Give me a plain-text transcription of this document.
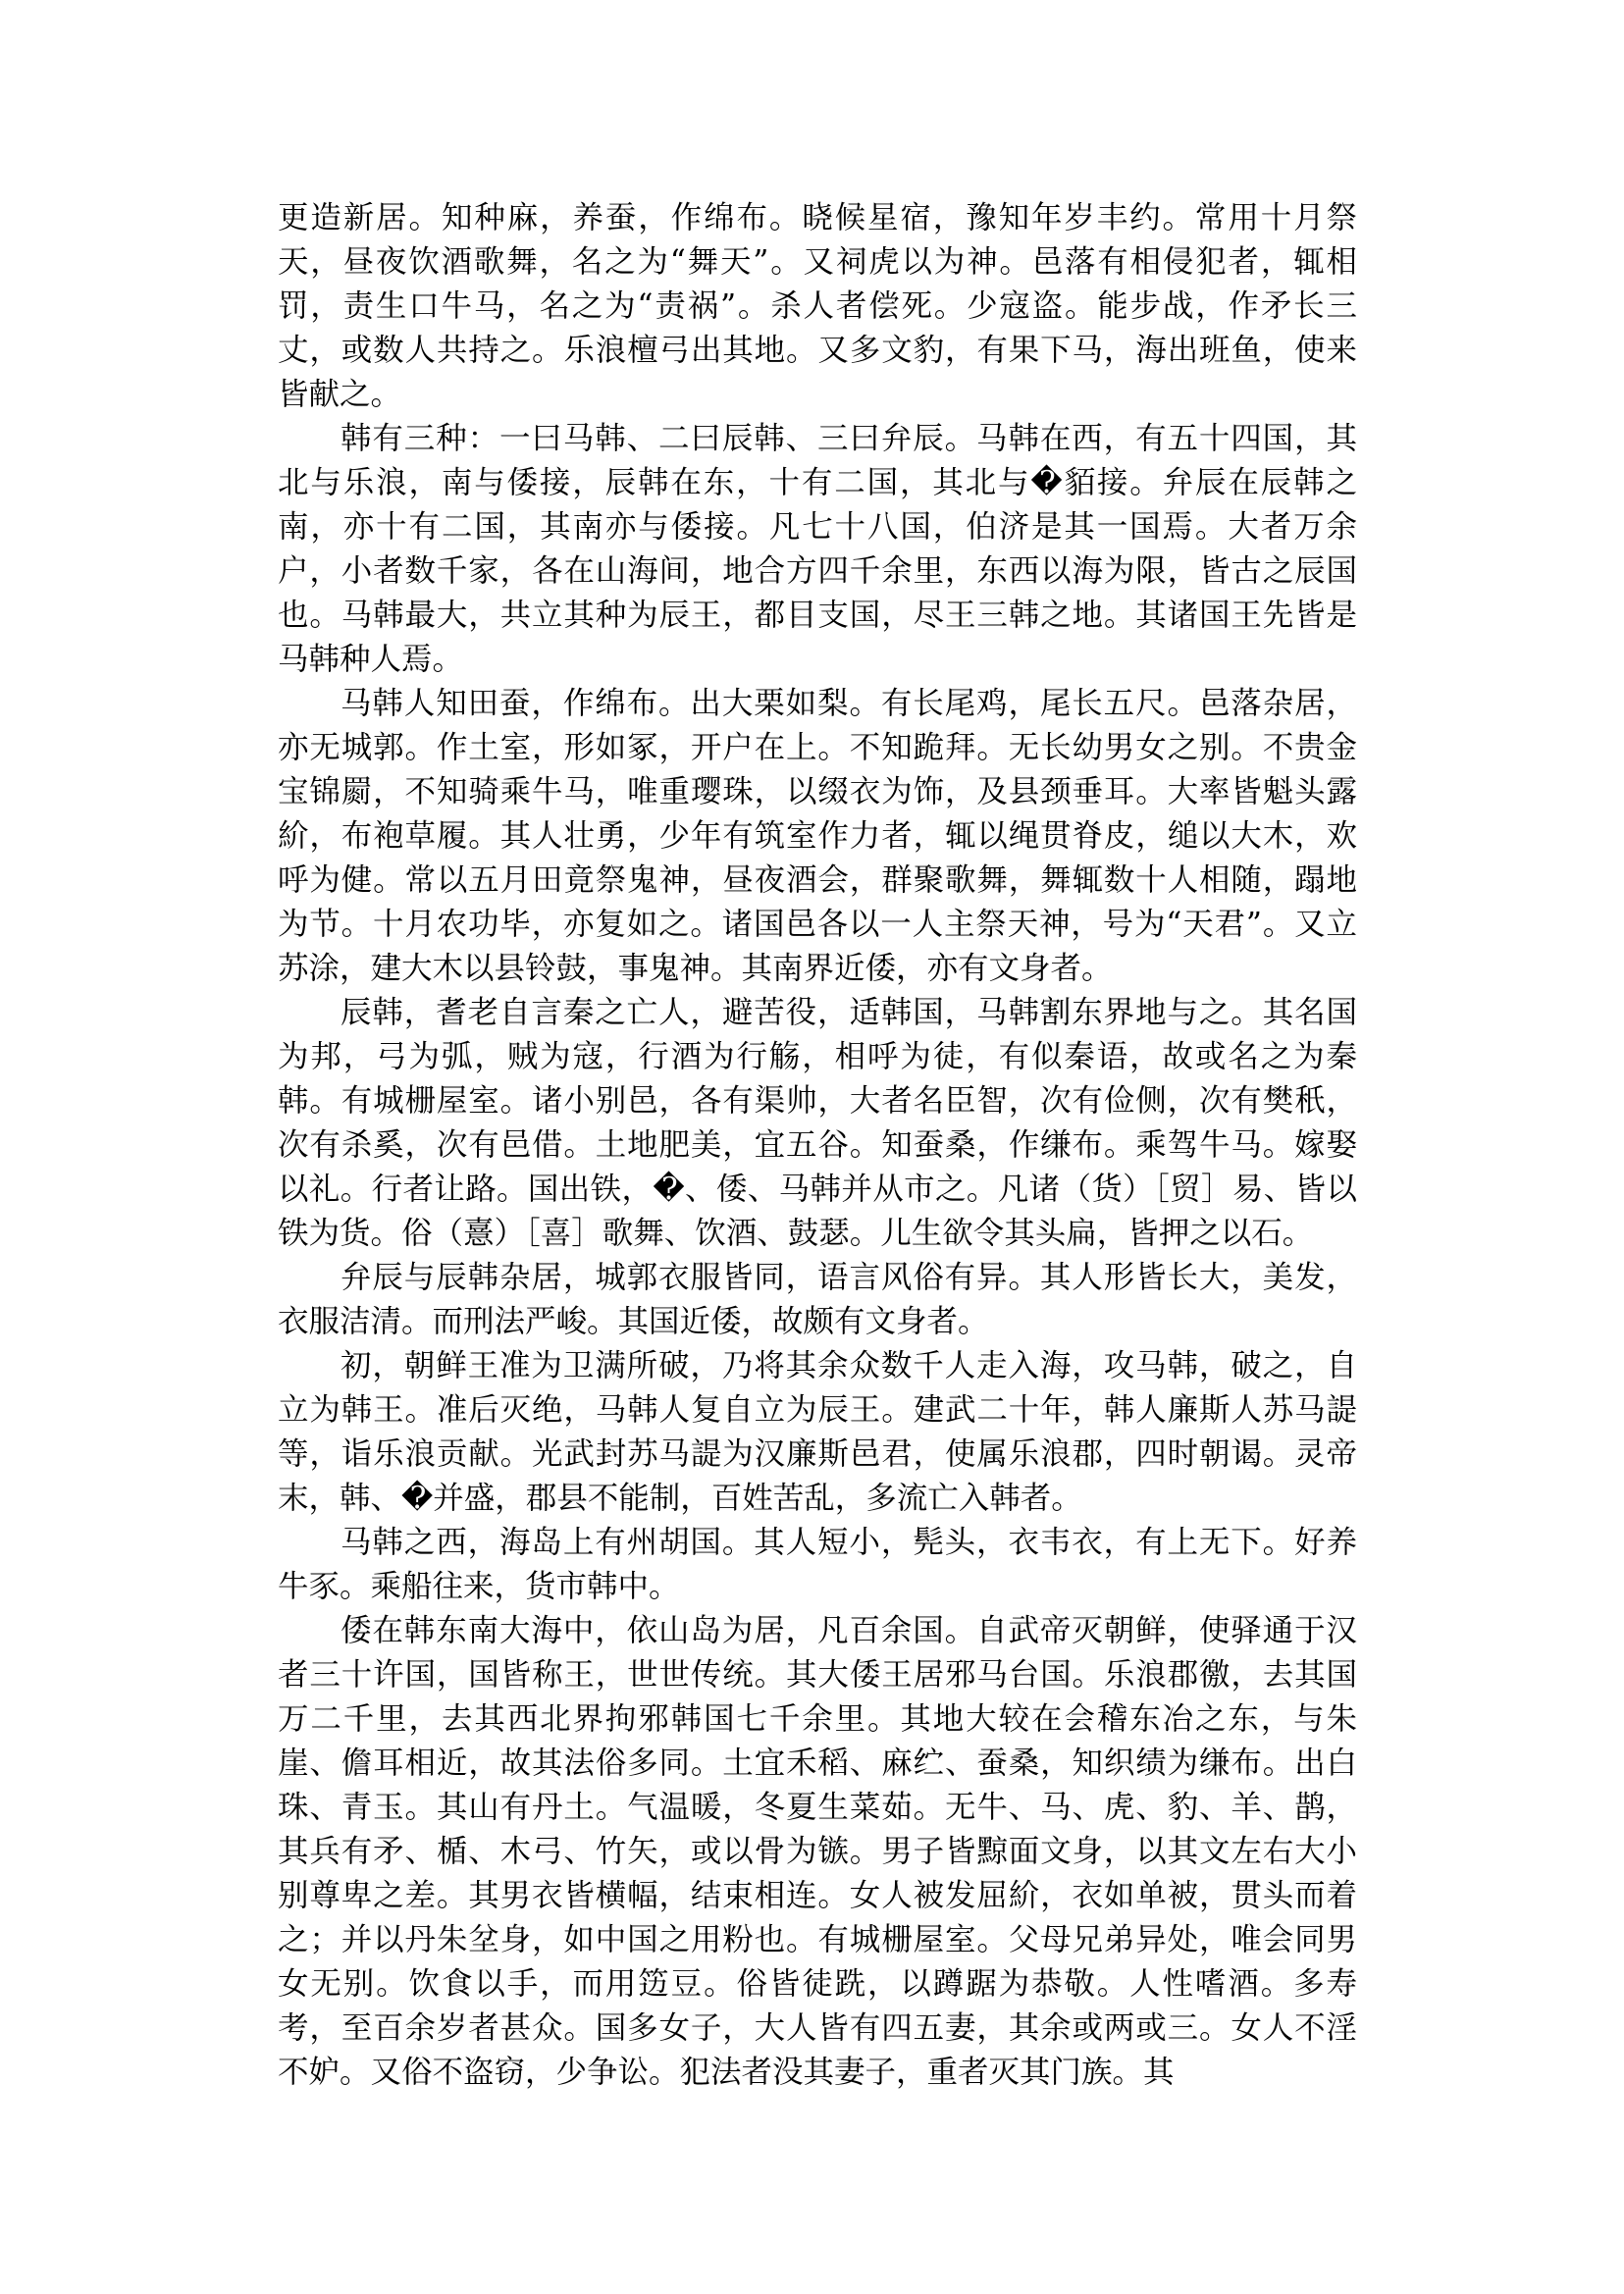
更造新居。知种麻，养蚕，作绵布。晓候星宿，豫知年岁丰约。常用十月祭天，昼夜饮酒歌舞，名之为“舞天”。又祠虎以为神。邑落有相侵犯者，辄相罚，责生口牛马，名之为“责祸”。杀人者偿死。少寇盗。能步战，作矛长三丈，或数人共持之。乐浪檀弓出其地。又多文豹，有果下马，海出班鱼，使来皆献之。

韩有三种：一曰马韩、二曰辰韩、三曰弁辰。马韩在西，有五十四国，其北与乐浪，南与倭接，辰韩在东，十有二国，其北与�貊接。弁辰在辰韩之南，亦十有二国，其南亦与倭接。凡七十八国，伯济是其一国焉。大者万余户，小者数千家，各在山海间，地合方四千余里，东西以海为限，皆古之辰国也。马韩最大，共立其种为辰王，都目支国，尽王三韩之地。其诸国王先皆是马韩种人焉。

马韩人知田蚕，作绵布。出大栗如梨。有长尾鸡，尾长五尺。邑落杂居，亦无城郭。作土室，形如冢，开户在上。不知跪拜。无长幼男女之别。不贵金宝锦罽，不知骑乘牛马，唯重璎珠，以缀衣为饰，及县颈垂耳。大率皆魁头露紒，布袍草履。其人壮勇，少年有筑室作力者，辄以绳贯脊皮，缒以大木，欢呼为健。常以五月田竟祭鬼神，昼夜酒会，群聚歌舞，舞辄数十人相随，蹋地为节。十月农功毕，亦复如之。诸国邑各以一人主祭天神，号为“天君”。又立苏涂，建大木以县铃鼓，事鬼神。其南界近倭，亦有文身者。

辰韩，耆老自言秦之亡人，避苦役，适韩国，马韩割东界地与之。其名国为邦，弓为弧，贼为寇，行酒为行觞，相呼为徒，有似秦语，故或名之为秦韩。有城栅屋室。诸小别邑，各有渠帅，大者名臣智，次有俭侧，次有樊秖，次有杀奚，次有邑借。土地肥美，宜五谷。知蚕桑，作缣布。乘驾牛马。嫁娶以礼。行者让路。国出铁，�、倭、马韩并从市之。凡诸（货）［贸］易、皆以铁为货。俗（憙）［喜］歌舞、饮酒、鼓瑟。儿生欲令其头扁，皆押之以石。

弁辰与辰韩杂居，城郭衣服皆同，语言风俗有异。其人形皆长大，美发，衣服洁清。而刑法严峻。其国近倭，故颇有文身者。

初，朝鲜王准为卫满所破，乃将其余众数千人走入海，攻马韩，破之，自立为韩王。准后灭绝，马韩人复自立为辰王。建武二十年，韩人廉斯人苏马諟等，诣乐浪贡献。光武封苏马諟为汉廉斯邑君，使属乐浪郡，四时朝谒。灵帝末，韩、�并盛，郡县不能制，百姓苦乱，多流亡入韩者。

马韩之西，海岛上有州胡国。其人短小，髡头，衣韦衣，有上无下。好养牛豕。乘船往来，货市韩中。

倭在韩东南大海中，依山岛为居，凡百余国。自武帝灭朝鲜，使驿通于汉者三十许国，国皆称王，世世传统。其大倭王居邪马台国。乐浪郡徼，去其国万二千里，去其西北界拘邪韩国七千余里。其地大较在会稽东冶之东，与朱崖、儋耳相近，故其法俗多同。土宜禾稻、麻纻、蚕桑，知织绩为缣布。出白珠、青玉。其山有丹土。气温暖，冬夏生菜茹。无牛、马、虎、豹、羊、鹊，其兵有矛、楯、木弓、竹矢，或以骨为镞。男子皆黥面文身，以其文左右大小别尊卑之差。其男衣皆横幅，结束相连。女人被发屈紒，衣如单被，贯头而着之；并以丹朱坌身，如中国之用粉也。有城栅屋室。父母兄弟异处，唯会同男女无别。饮食以手，而用笾豆。俗皆徒跣，以蹲踞为恭敬。人性嗜酒。多寿考，至百余岁者甚众。国多女子，大人皆有四五妻，其余或两或三。女人不淫不妒。又俗不盗窃，少争讼。犯法者没其妻子，重者灭其门族。其
